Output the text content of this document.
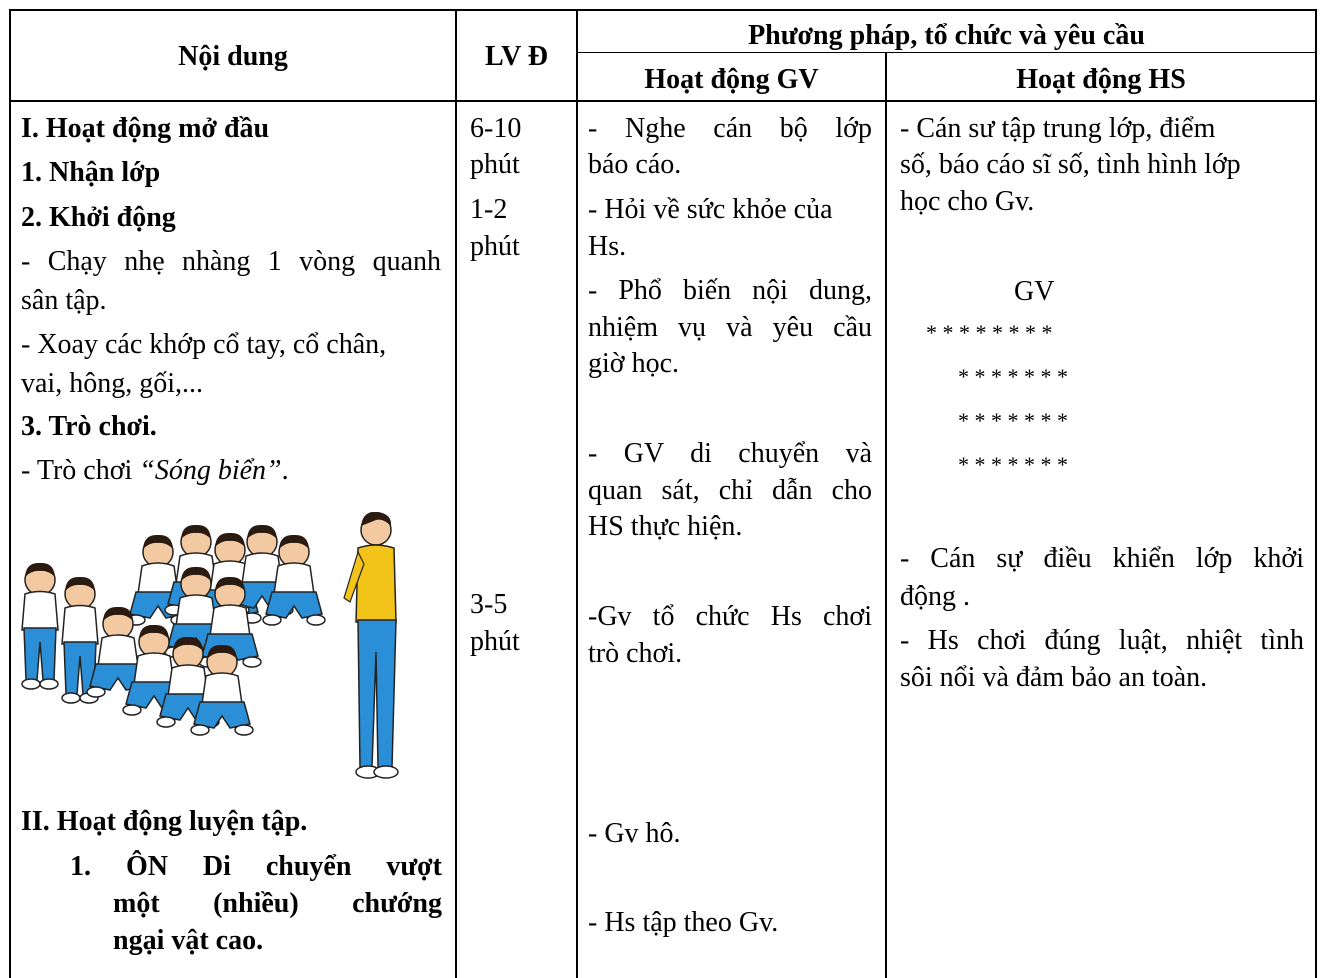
Nội dung	LV Đ
Phương pháp, tổ chức và yêu cầu
Hoạt động GV	Hoạt động HS
I. Hoạt động mở đầu
1. Nhận lớp
2. Khởi động
- Chạy nhẹ nhàng 1 vòng quanh
sân tập.
- Xoay các khớp cổ tay, cổ chân,
vai, hông, gối,...
3. Trò chơi.
- Trò chơi “Sóng biển”.
II. Hoạt động luyện tập.
1. ÔN Di chuyển vượt
một (nhiều) chướng
ngại vật cao.
6-10
phút
1-2
phút
3-5
phút
- Nghe cán bộ lớp
báo cáo.
- Hỏi về sức khỏe của
Hs.
- Phổ biến nội dung,
nhiệm vụ và yêu cầu
giờ học.
- GV di chuyển và
quan sát, chỉ dẫn cho
HS thực hiện.
-Gv tổ chức Hs chơi
trò chơi.
- Gv hô.
- Hs tập theo Gv.
- Cán sư tập trung lớp, điểm
số, báo cáo sĩ số, tình hình lớp
học cho Gv.
GV
* * * * * * * *
* * * * * * *
* * * * * * *
* * * * * * *
- Cán sự điều khiển lớp khởi
động .
- Hs chơi đúng luật, nhiệt tình
sôi nổi và đảm bảo an toàn.
